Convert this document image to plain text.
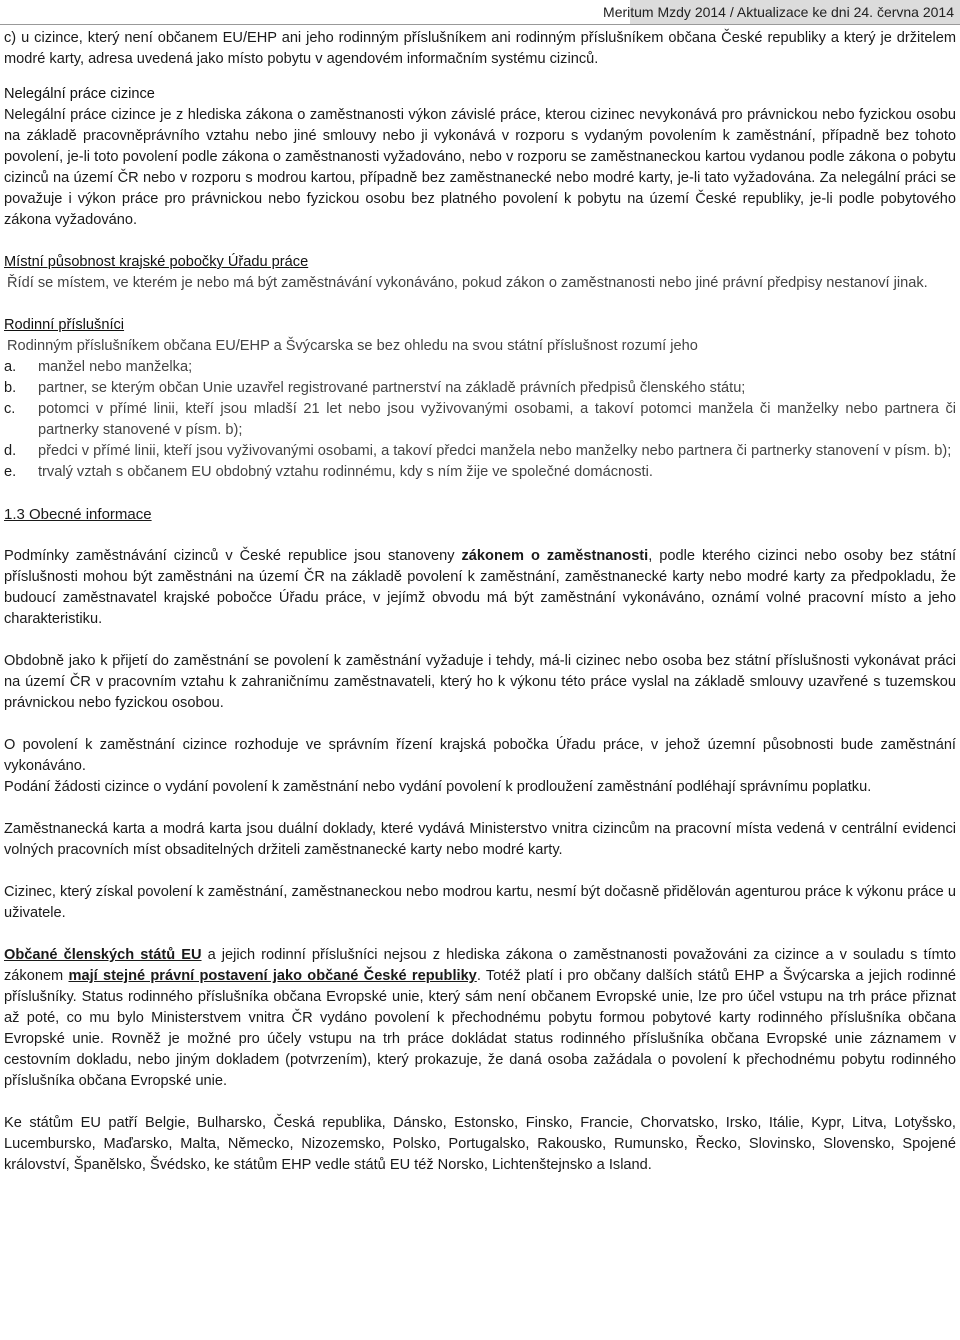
Meritum Mzdy 2014 / Aktualizace ke dni 24. června 2014

c) u cizince, který není občanem EU/EHP ani jeho rodinným příslušníkem ani rodinným příslušníkem občana České republiky a který je držitelem modré karty, adresa uvedená jako místo pobytu v agendovém informačním systému cizinců.

Nelegální práce cizince

Nelegální práce cizince je z hlediska zákona o zaměstnanosti výkon závislé práce, kterou cizinec nevykonává pro právnickou nebo fyzickou osobu na základě pracovněprávního vztahu nebo jiné smlouvy nebo ji vykonává v rozporu s vydaným povolením k zaměstnání, případně bez tohoto povolení, je-li toto povolení podle zákona o zaměstnanosti vyžadováno, nebo v rozporu se zaměstnaneckou kartou vydanou podle zákona o pobytu cizinců na území ČR nebo v rozporu s modrou kartou, případně bez zaměstnanecké nebo modré karty, je-li tato vyžadována. Za nelegální práci se považuje i výkon práce pro právnickou nebo fyzickou osobu bez platného povolení k pobytu na území České republiky, je-li podle pobytového zákona vyžadováno.

Místní působnost krajské pobočky Úřadu práce

Řídí se místem, ve kterém je nebo má být zaměstnávání vykonáváno, pokud zákon o zaměstnanosti nebo jiné právní předpisy nestanoví jinak.

Rodinní příslušníci

Rodinným příslušníkem občana EU/EHP a Švýcarska se bez ohledu na svou státní příslušnost rozumí jeho

a.	manžel nebo manželka;
b.	partner, se kterým občan Unie uzavřel registrované partnerství na základě právních předpisů členského státu;
c.	potomci v přímé linii, kteří jsou mladší 21 let nebo jsou vyživovanými osobami, a takoví potomci manžela či manželky nebo partnera či partnerky stanovené v písm. b);
d.	předci v přímé linii, kteří jsou vyživovanými osobami, a takoví předci manžela nebo manželky nebo partnera či partnerky stanovení v písm. b);
e.	trvalý vztah s občanem EU obdobný vztahu rodinnému, kdy s ním žije ve společné domácnosti.

1.3 Obecné informace

Podmínky zaměstnávání cizinců v České republice jsou stanoveny zákonem o zaměstnanosti, podle kterého cizinci nebo osoby bez státní příslušnosti mohou být zaměstnáni na území ČR na základě povolení k zaměstnání, zaměstnanecké karty nebo modré karty za předpokladu, že budoucí zaměstnavatel krajské pobočce Úřadu práce, v jejímž obvodu má být zaměstnání vykonáváno, oznámí volné pracovní místo a jeho charakteristiku.

Obdobně jako k přijetí do zaměstnání se povolení k zaměstnání vyžaduje i tehdy, má-li cizinec nebo osoba bez státní příslušnosti vykonávat práci na území ČR v pracovním vztahu k zahraničnímu zaměstnavateli, který ho k výkonu této práce vyslal na základě smlouvy uzavřené s tuzemskou právnickou nebo fyzickou osobou.

O povolení k zaměstnání cizince rozhoduje ve správním řízení krajská pobočka Úřadu práce, v jehož územní působnosti bude zaměstnání vykonáváno.

Podání žádosti cizince o vydání povolení k zaměstnání nebo vydání povolení k prodloužení zaměstnání podléhají správnímu poplatku.

Zaměstnanecká karta a modrá karta jsou duální doklady, které vydává Ministerstvo vnitra cizincům na pracovní místa vedená v centrální evidenci volných pracovních míst obsaditelných držiteli zaměstnanecké karty nebo modré karty.

Cizinec, který získal povolení k zaměstnání, zaměstnaneckou nebo modrou kartu, nesmí být dočasně přidělován agenturou práce k výkonu práce u uživatele.

Občané členských států EU a jejich rodinní příslušníci nejsou z hlediska zákona o zaměstnanosti považováni za cizince a v souladu s tímto zákonem mají stejné právní postavení jako občané České republiky. Totéž platí i pro občany dalších států EHP a Švýcarska a jejich rodinné příslušníky. Status rodinného příslušníka občana Evropské unie, který sám není občanem Evropské unie, lze pro účel vstupu na trh práce přiznat až poté, co mu bylo Ministerstvem vnitra ČR vydáno povolení k přechodnému pobytu formou pobytové karty rodinného příslušníka občana Evropské unie. Rovněž je možné pro účely vstupu na trh práce dokládat status rodinného příslušníka občana Evropské unie záznamem v cestovním dokladu, nebo jiným dokladem (potvrzením), který prokazuje, že daná osoba zažádala o povolení k přechodnému pobytu rodinného příslušníka občana Evropské unie.

Ke státům EU patří Belgie, Bulharsko, Česká republika, Dánsko, Estonsko, Finsko, Francie, Chorvatsko, Irsko, Itálie, Kypr, Litva, Lotyšsko, Lucembursko, Maďarsko, Malta, Německo, Nizozemsko, Polsko, Portugalsko, Rakousko, Rumunsko, Řecko, Slovinsko, Slovensko, Spojené království, Španělsko, Švédsko, ke státům EHP vedle států EU též Norsko, Lichtenštejnsko a Island.
